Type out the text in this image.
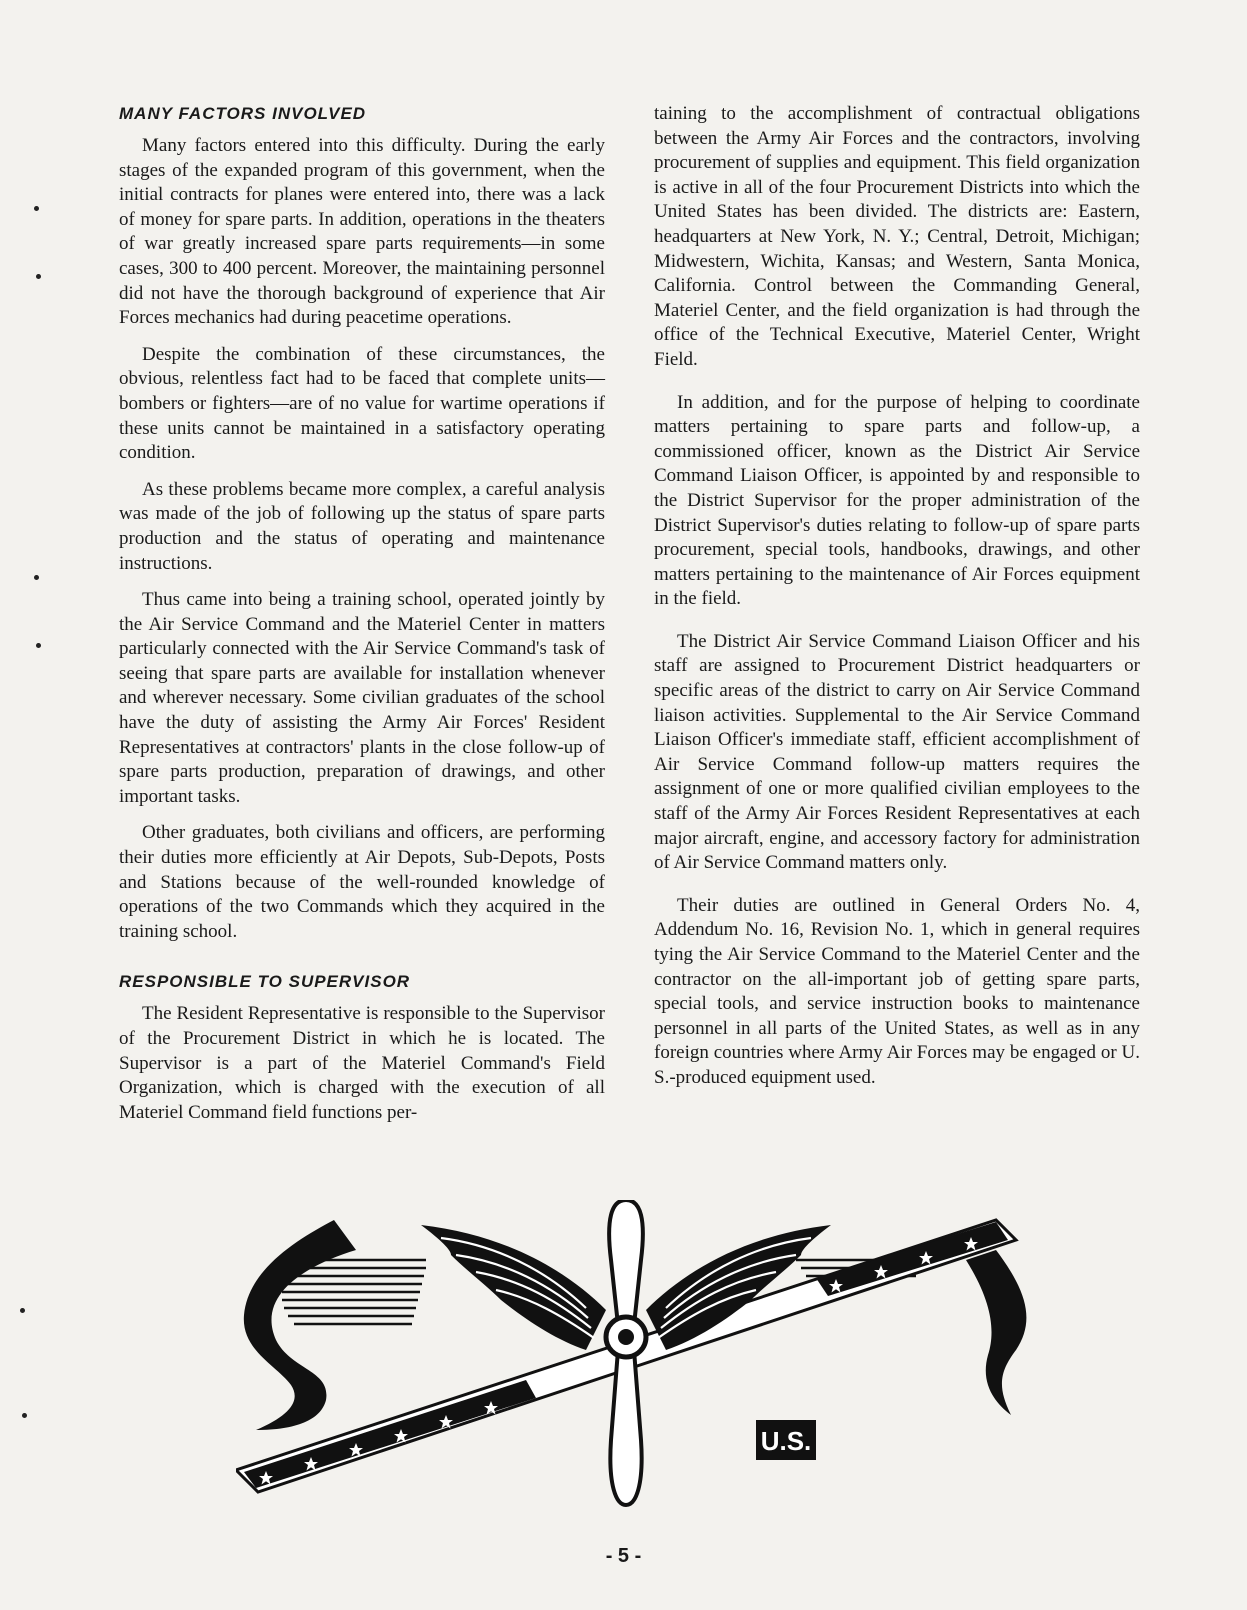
MANY FACTORS INVOLVED

Many factors entered into this difficulty. During the early stages of the expanded program of this government, when the initial contracts for planes were entered into, there was a lack of money for spare parts. In addition, operations in the theaters of war greatly increased spare parts requirements—in some cases, 300 to 400 percent. Moreover, the maintaining personnel did not have the thorough background of experience that Air Forces mechanics had during peacetime operations.

Despite the combination of these circumstances, the obvious, relentless fact had to be faced that complete units—bombers or fighters—are of no value for wartime operations if these units cannot be maintained in a satisfactory operating condition.

As these problems became more complex, a careful analysis was made of the job of following up the status of spare parts production and the status of operating and maintenance instructions.

Thus came into being a training school, operated jointly by the Air Service Command and the Materiel Center in matters particularly connected with the Air Service Command's task of seeing that spare parts are available for installation whenever and wherever necessary. Some civilian graduates of the school have the duty of assisting the Army Air Forces' Resident Representatives at contractors' plants in the close follow-up of spare parts production, preparation of drawings, and other important tasks.

Other graduates, both civilians and officers, are performing their duties more efficiently at Air Depots, Sub-Depots, Posts and Stations because of the well-rounded knowledge of operations of the two Commands which they acquired in the training school.

RESPONSIBLE TO SUPERVISOR

The Resident Representative is responsible to the Supervisor of the Procurement District in which he is located. The Supervisor is a part of the Materiel Command's Field Organization, which is charged with the execution of all Materiel Command field functions per-

taining to the accomplishment of contractual obligations between the Army Air Forces and the contractors, involving procurement of supplies and equipment. This field organization is active in all of the four Procurement Districts into which the United States has been divided. The districts are: Eastern, headquarters at New York, N. Y.; Central, Detroit, Michigan; Midwestern, Wichita, Kansas; and Western, Santa Monica, California. Control between the Commanding General, Materiel Center, and the field organization is had through the office of the Technical Executive, Materiel Center, Wright Field.

In addition, and for the purpose of helping to coordinate matters pertaining to spare parts and follow-up, a commissioned officer, known as the District Air Service Command Liaison Officer, is appointed by and responsible to the District Supervisor for the proper administration of the District Supervisor's duties relating to follow-up of spare parts procurement, special tools, handbooks, drawings, and other matters pertaining to the maintenance of Air Forces equipment in the field.

The District Air Service Command Liaison Officer and his staff are assigned to Procurement District headquarters or specific areas of the district to carry on Air Service Command liaison activities. Supplemental to the Air Service Command Liaison Officer's immediate staff, efficient accomplishment of Air Service Command follow-up matters requires the assignment of one or more qualified civilian employees to the staff of the Army Air Forces Resident Representatives at each major aircraft, engine, and accessory factory for administration of Air Service Command matters only.

Their duties are outlined in General Orders No. 4, Addendum No. 16, Revision No. 1, which in general requires tying the Air Service Command to the Materiel Center and the contractor on the all-important job of getting spare parts, special tools, and service instruction books to maintenance personnel in all parts of the United States, as well as in any foreign countries where Army Air Forces may be engaged or U. S.-produced equipment used.

U.S.
- 5 -
